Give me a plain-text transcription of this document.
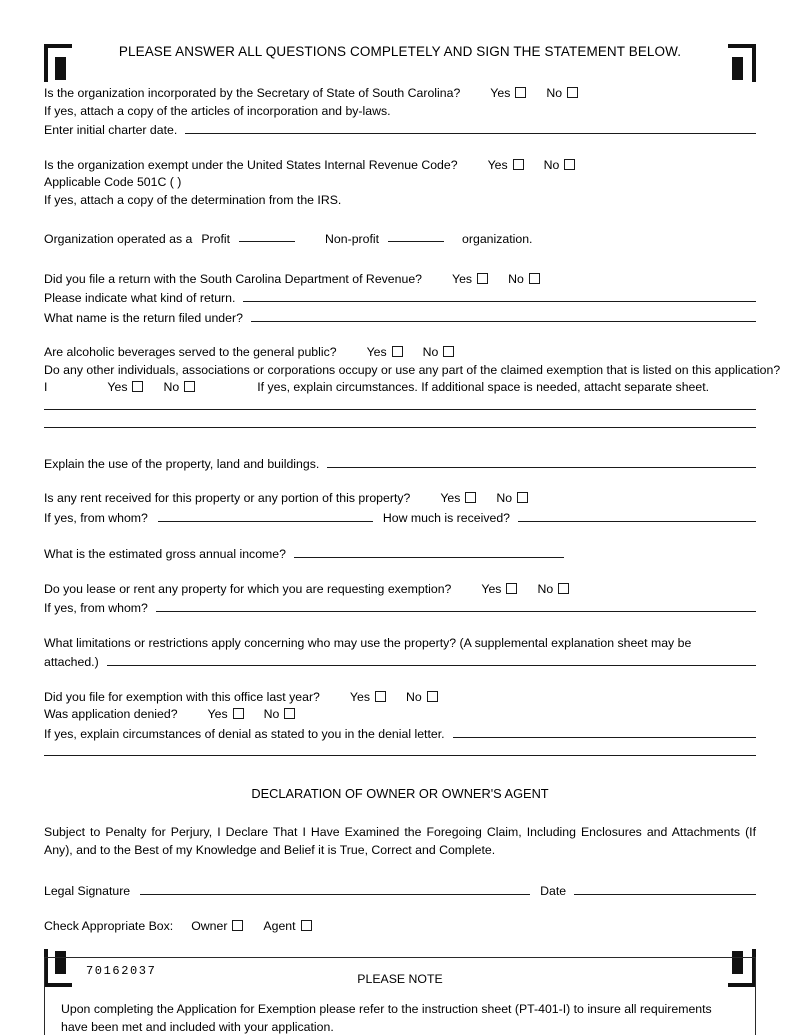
70162037
PLEASE ANSWER ALL QUESTIONS COMPLETELY AND SIGN THE STATEMENT BELOW.
Is the organization incorporated by the Secretary of State of South Carolina? Yes	No
If yes, attach a copy of the articles of incorporation and by-laws.
Enter initial charter date.
Is the organization exempt under the United States Internal Revenue Code? Yes	No
Applicable Code 501C ( )
If yes, attach a copy of the determination from the IRS.
Organization operated as a Profit	Non-profit	organization.
Did you file a return with the South Carolina Department of Revenue? Yes	No
Please indicate what kind of return.
What name is the return filed under?
Are alcoholic beverages served to the general public? Yes	No
Do any other individuals, associations or corporations occupy or use any part of the claimed exemption that is listed on this application?
I	Yes	No	If yes, explain circumstances. If additional space is needed, attacht separate sheet.
Explain the use of the property, land and buildings.
Is any rent received for this property or any portion of this property? Yes	No
If yes, from whom?	How much is received?
What is the estimated gross annual income?
Do you lease or rent any property for which you are requesting exemption? Yes	No
If yes, from whom?
What limitations or restrictions apply concerning who may use the property? (A supplemental explanation sheet may be
attached.)
Did you file for exemption with this office last year? Yes	No
Was application denied? Yes	No
If yes, explain circumstances of denial as stated to you in the denial letter.
DECLARATION OF OWNER OR OWNER'S AGENT
Subject to Penalty for Perjury, I Declare That I Have Examined the Foregoing Claim, Including Enclosures and Attachments (If Any), and to the Best of my Knowledge and Belief it is True, Correct and Complete.
Legal Signature	Date
Check Appropriate Box: Owner	Agent
PLEASE NOTE
Upon completing the Application for Exemption please refer to the instruction sheet (PT-401-I) to insure all requirements have been met and included with your application.
